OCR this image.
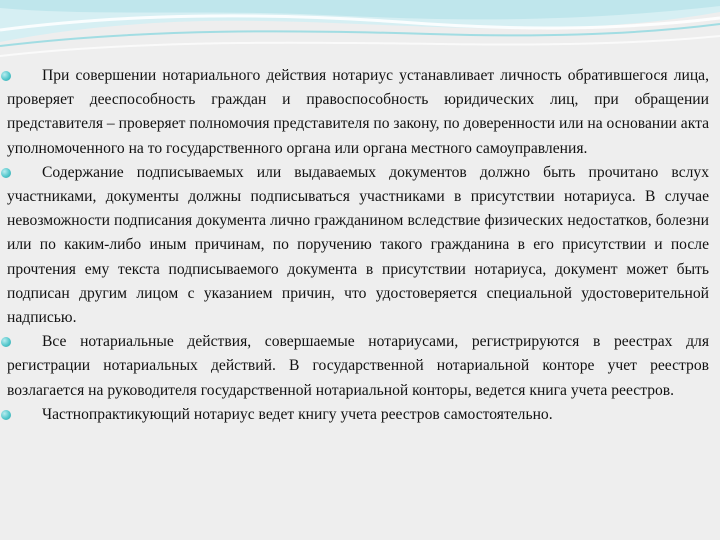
При совершении нотариального действия нотариус устанавливает личность обратившегося лица, проверяет дееспособность граждан и правоспособность юридических лиц, при обращении представителя – проверяет полномочия представителя по закону, по доверенности или на основании акта уполномоченного на то государственного органа или органа местного самоуправления.

Содержание подписываемых или выдаваемых документов должно быть прочитано вслух участниками, документы должны подписываться участниками в присутствии нотариуса. В случае невозможности подписания документа лично гражданином вследствие физических недостатков, болезни или по каким-либо иным причинам, по поручению такого гражданина в его присутствии и после прочтения ему текста подписываемого документа в присутствии нотариуса, документ может быть подписан другим лицом с указанием причин, что удостоверяется специальной удостоверительной надписью.

Все нотариальные действия, совершаемые нотариусами, регистрируются в реестрах для регистрации нотариальных действий. В государственной нотариальной конторе учет реестров возлагается на руководителя государственной нотариальной конторы, ведется книга учета реестров.

Частнопрактикующий нотариус ведет книгу учета реестров самостоятельно.
